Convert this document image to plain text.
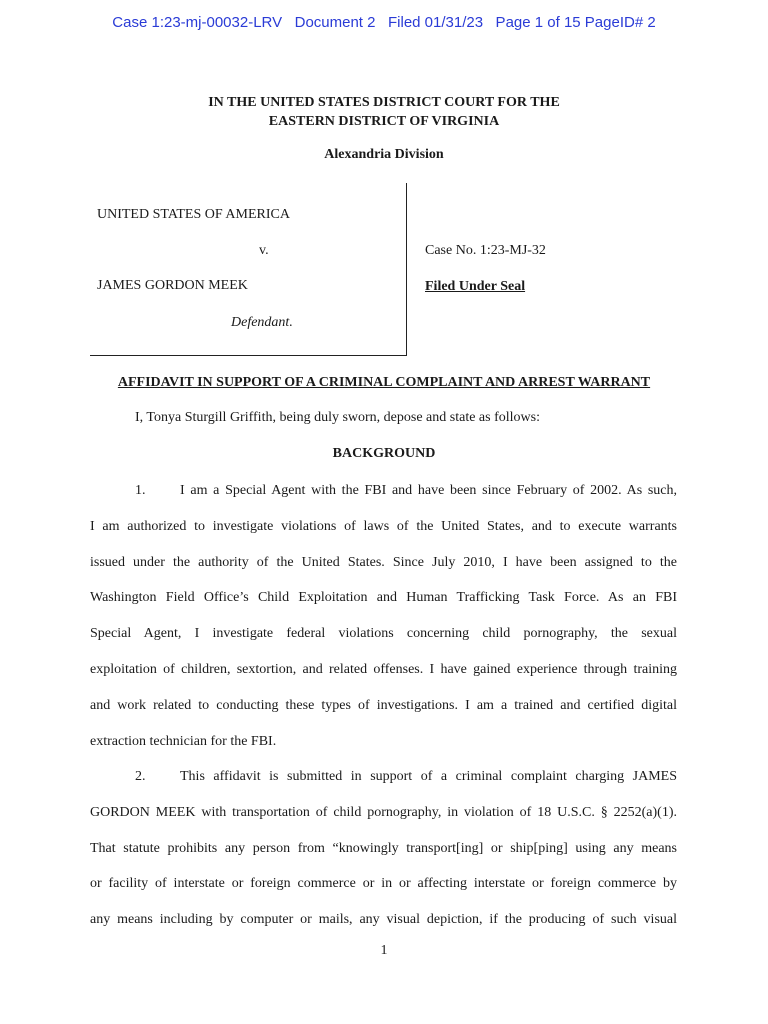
Case 1:23-mj-00032-LRV   Document 2   Filed 01/31/23   Page 1 of 15 PageID# 2
IN THE UNITED STATES DISTRICT COURT FOR THE
EASTERN DISTRICT OF VIRGINIA
Alexandria Division
UNITED STATES OF AMERICA
v.
JAMES GORDON MEEK
Defendant.
Case No. 1:23-MJ-32
Filed Under Seal
AFFIDAVIT IN SUPPORT OF A CRIMINAL COMPLAINT AND ARREST WARRANT
I, Tonya Sturgill Griffith, being duly sworn, depose and state as follows:
BACKGROUND
1. I am a Special Agent with the FBI and have been since February of 2002. As such,
I am authorized to investigate violations of laws of the United States, and to execute warrants
issued under the authority of the United States. Since July 2010, I have been assigned to the
Washington Field Office’s Child Exploitation and Human Trafficking Task Force. As an FBI
Special Agent, I investigate federal violations concerning child pornography, the sexual
exploitation of children, sextortion, and related offenses. I have gained experience through training
and work related to conducting these types of investigations. I am a trained and certified digital
extraction technician for the FBI.
2. This affidavit is submitted in support of a criminal complaint charging JAMES
GORDON MEEK with transportation of child pornography, in violation of 18 U.S.C. § 2252(a)(1).
That statute prohibits any person from “knowingly transport[ing] or ship[ping] using any means
or facility of interstate or foreign commerce or in or affecting interstate or foreign commerce by
any means including by computer or mails, any visual depiction, if the producing of such visual
1
